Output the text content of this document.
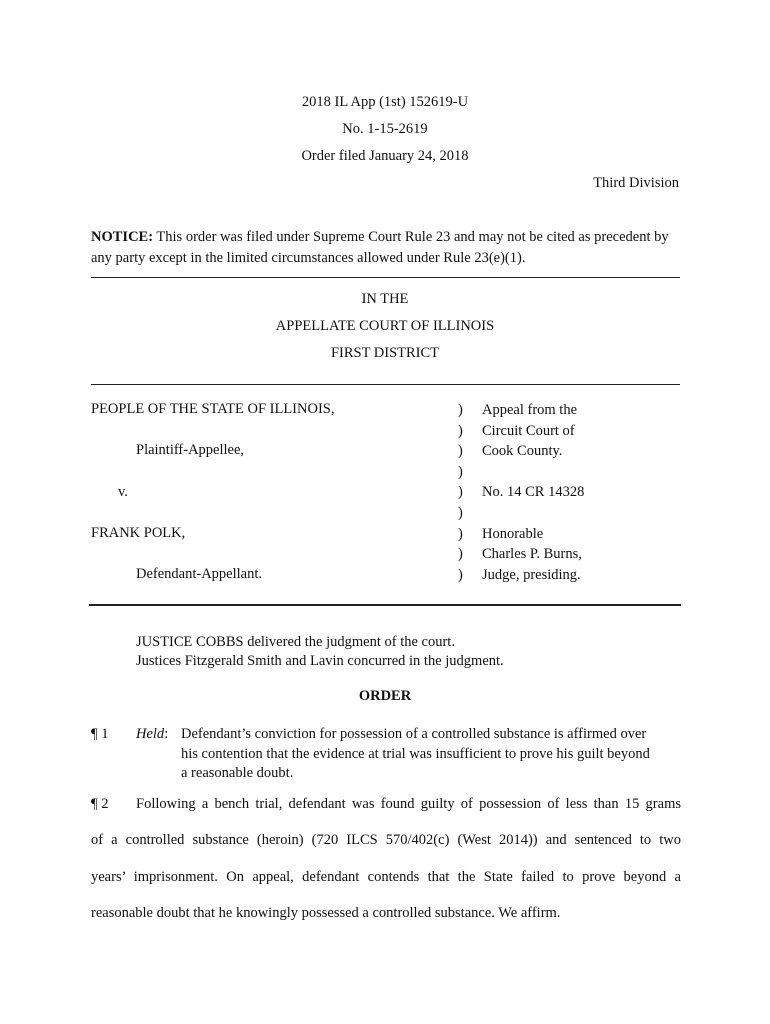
2018 IL App (1st) 152619-U
No. 1-15-2619
Order filed January 24, 2018
Third Division
NOTICE: This order was filed under Supreme Court Rule 23 and may not be cited as precedent by any party except in the limited circumstances allowed under Rule 23(e)(1).
IN THE
APPELLATE COURT OF ILLINOIS
FIRST DISTRICT
PEOPLE OF THE STATE OF ILLINOIS,
Plaintiff-Appellee,
v.
FRANK POLK,
Defendant-Appellant.
)
)
)
)
)
)
)
)
)
Appeal from the
Circuit Court of
Cook County.
No. 14 CR 14328
Honorable
Charles P. Burns,
Judge, presiding.
JUSTICE COBBS delivered the judgment of the court.
Justices Fitzgerald Smith and Lavin concurred in the judgment.
ORDER
¶ 1 Held: Defendant’s conviction for possession of a controlled substance is affirmed over
his contention that the evidence at trial was insufficient to prove his guilt beyond
a reasonable doubt.
¶ 2 Following a bench trial, defendant was found guilty of possession of less than 15 grams
of a controlled substance (heroin) (720 ILCS 570/402(c) (West 2014)) and sentenced to two
years’ imprisonment. On appeal, defendant contends that the State failed to prove beyond a
reasonable doubt that he knowingly possessed a controlled substance. We affirm.
